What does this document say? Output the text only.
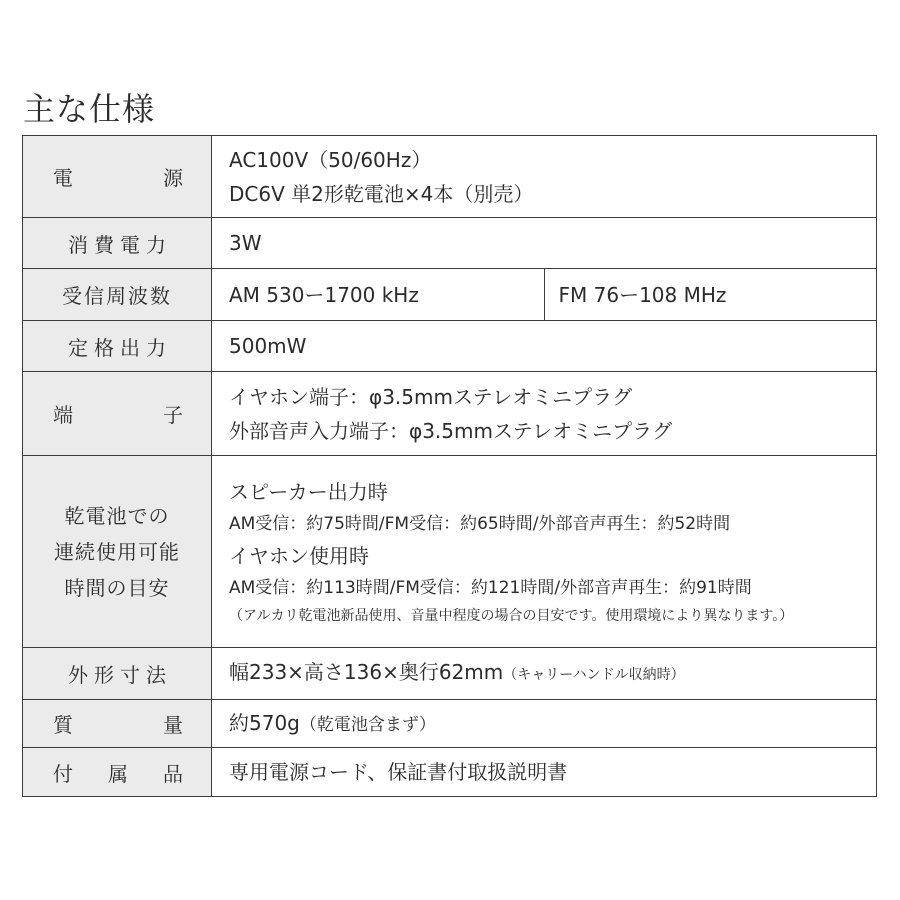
主な仕様
電 源	AC100V（50/60Hz）
DC6V 単2形乾電池×4本（別売）	

消費電力	3W	
受信周波数	AM 530ー1700 kHz	FM 76ー108 MHz
定格出力	500mW	

端 子	イヤホン端子：φ3.5mmステレオミニプラグ
外部音声入力端子：φ3.5mmステレオミニプラグ	

乾電池での
連続使用可能
時間の目安	スピーカー出力時
AM受信：約75時間/FM受信：約65時間/外部音声再生：約52時間
イヤホン使用時
AM受信：約113時間/FM受信：約121時間/外部音声再生：約91時間
（アルカリ乾電池新品使用、音量中程度の場合の目安です。使用環境により異なります。）	

外形寸法	幅233×高さ136×奥行62mm（キャリーハンドル収納時）	

質 量	約570g（乾電池含まず）	

付 属 品	専用電源コード、保証書付取扱説明書	
